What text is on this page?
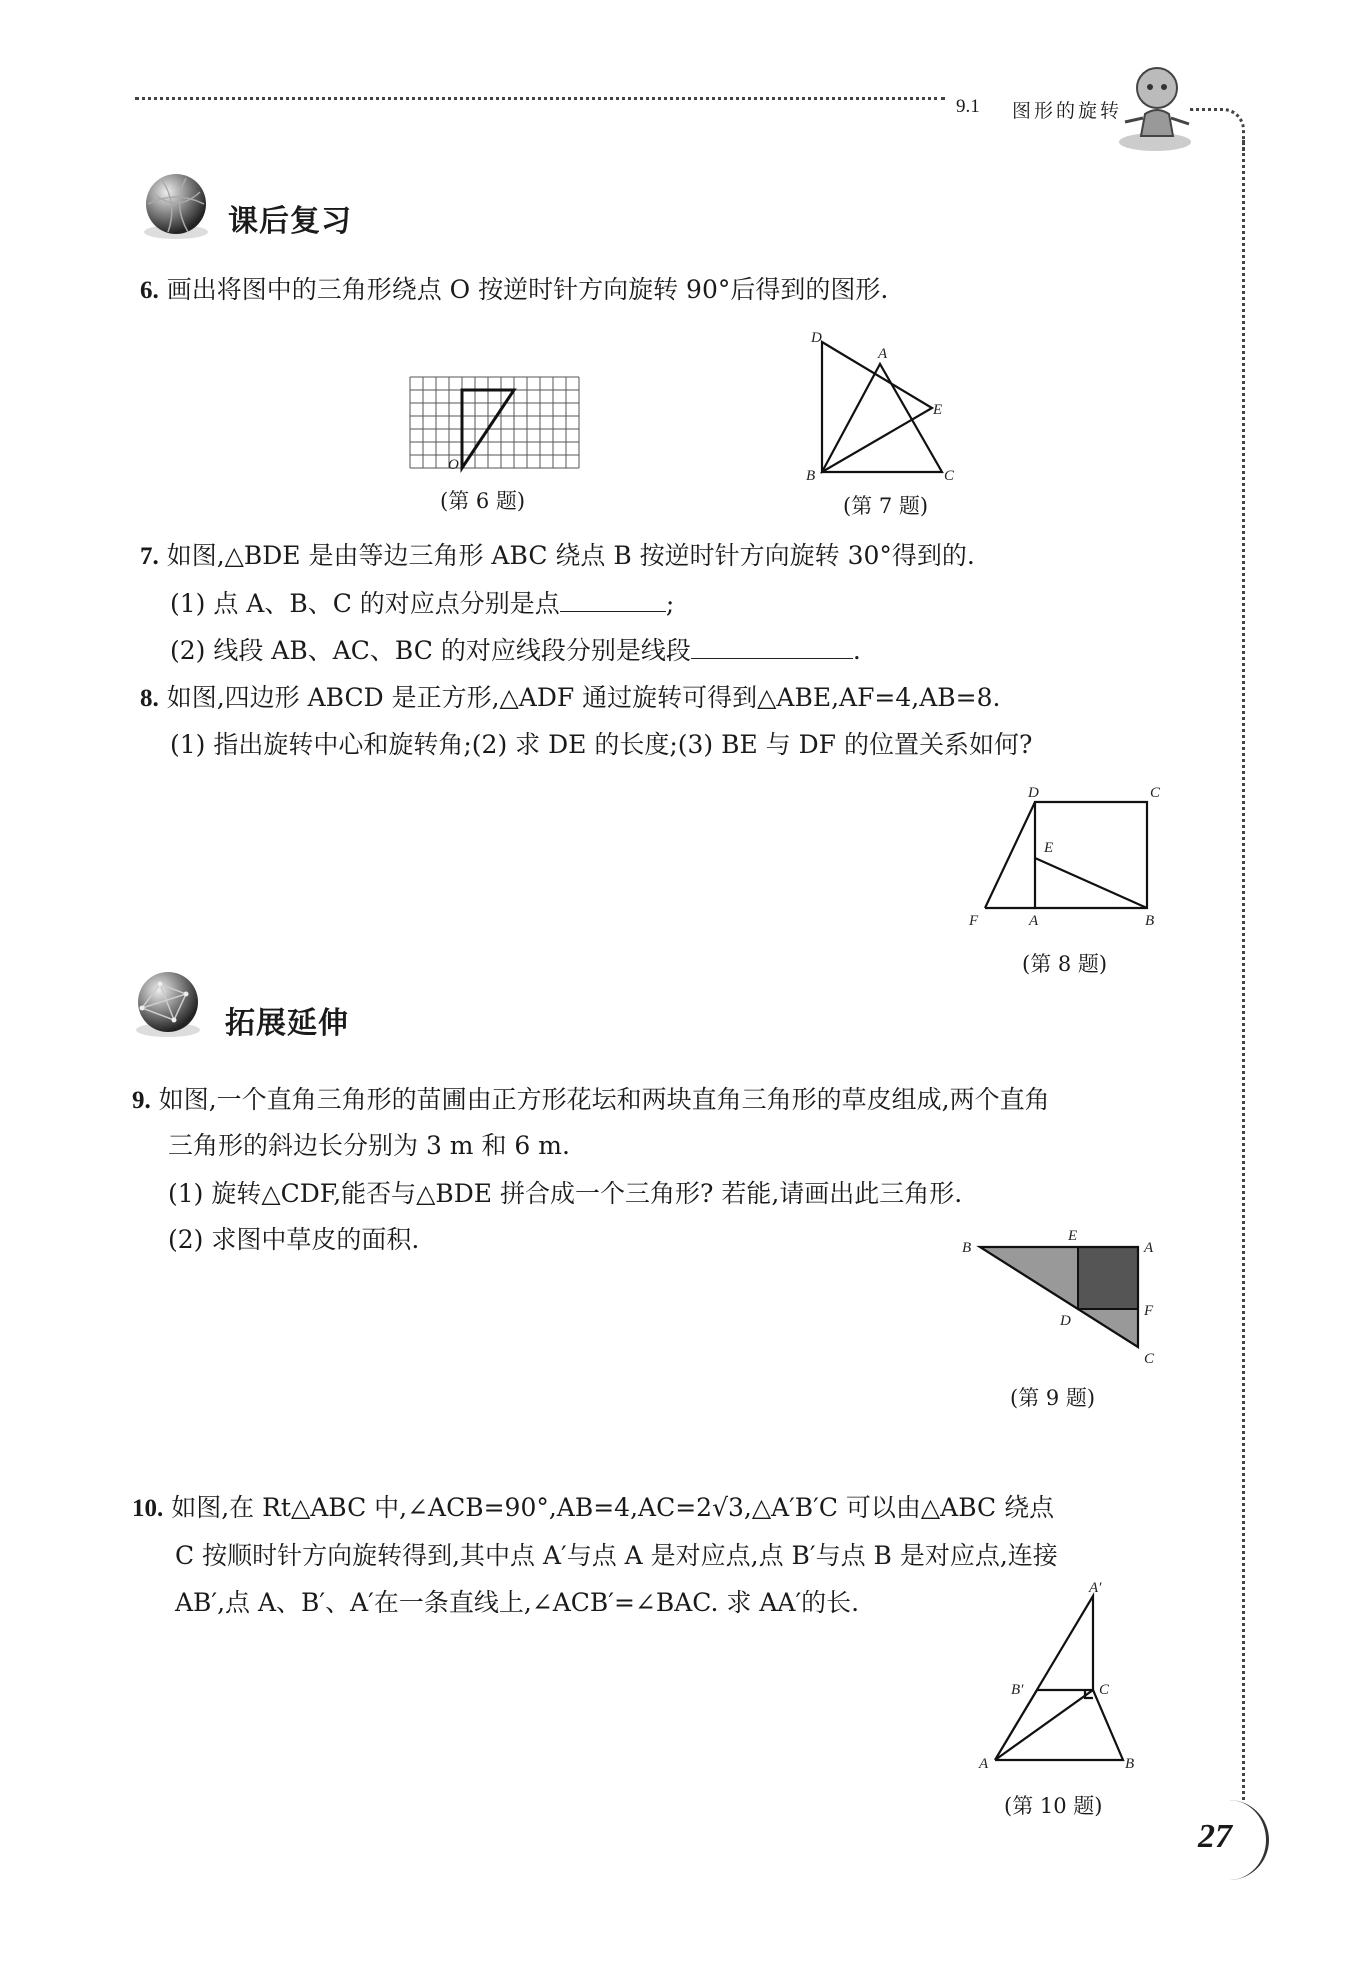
9.1 图形的旋转
课后复习
6. 画出将图中的三角形绕点 O 按逆时针方向旋转 90°后得到的图形.
O
(第 6 题)
D
A
E
B	C
(第 7 题)
7. 如图,△BDE 是由等边三角形 ABC 绕点 B 按逆时针方向旋转 30°得到的.
(1) 点 A、B、C 的对应点分别是点	;
(2) 线段 AB、AC、BC 的对应线段分别是线段	.
8. 如图,四边形 ABCD 是正方形,△ADF 通过旋转可得到△ABE,AF=4,AB=8.
(1) 指出旋转中心和旋转角;(2) 求 DE 的长度;(3) BE 与 DF 的位置关系如何?
D	C
E
F	A	B
(第 8 题)
拓展延伸
9. 如图,一个直角三角形的苗圃由正方形花坛和两块直角三角形的草皮组成,两个直角
三角形的斜边长分别为 3 m 和 6 m.
(1) 旋转△CDF,能否与△BDE 拼合成一个三角形? 若能,请画出此三角形.
(2) 求图中草皮的面积.	B
E
A
F
D
C
(第 9 题)
10. 如图,在 Rt△ABC 中,∠ACB=90°,AB=4,AC=2√3,△A′B′C 可以由△ABC 绕点
C 按顺时针方向旋转得到,其中点 A′与点 A 是对应点,点 B′与点 B 是对应点,连接
AB′,点 A、B′、A′在一条直线上,∠ACB′=∠BAC. 求 AA′的长.	A′
B′	C
A	B
(第 10 题)
27
